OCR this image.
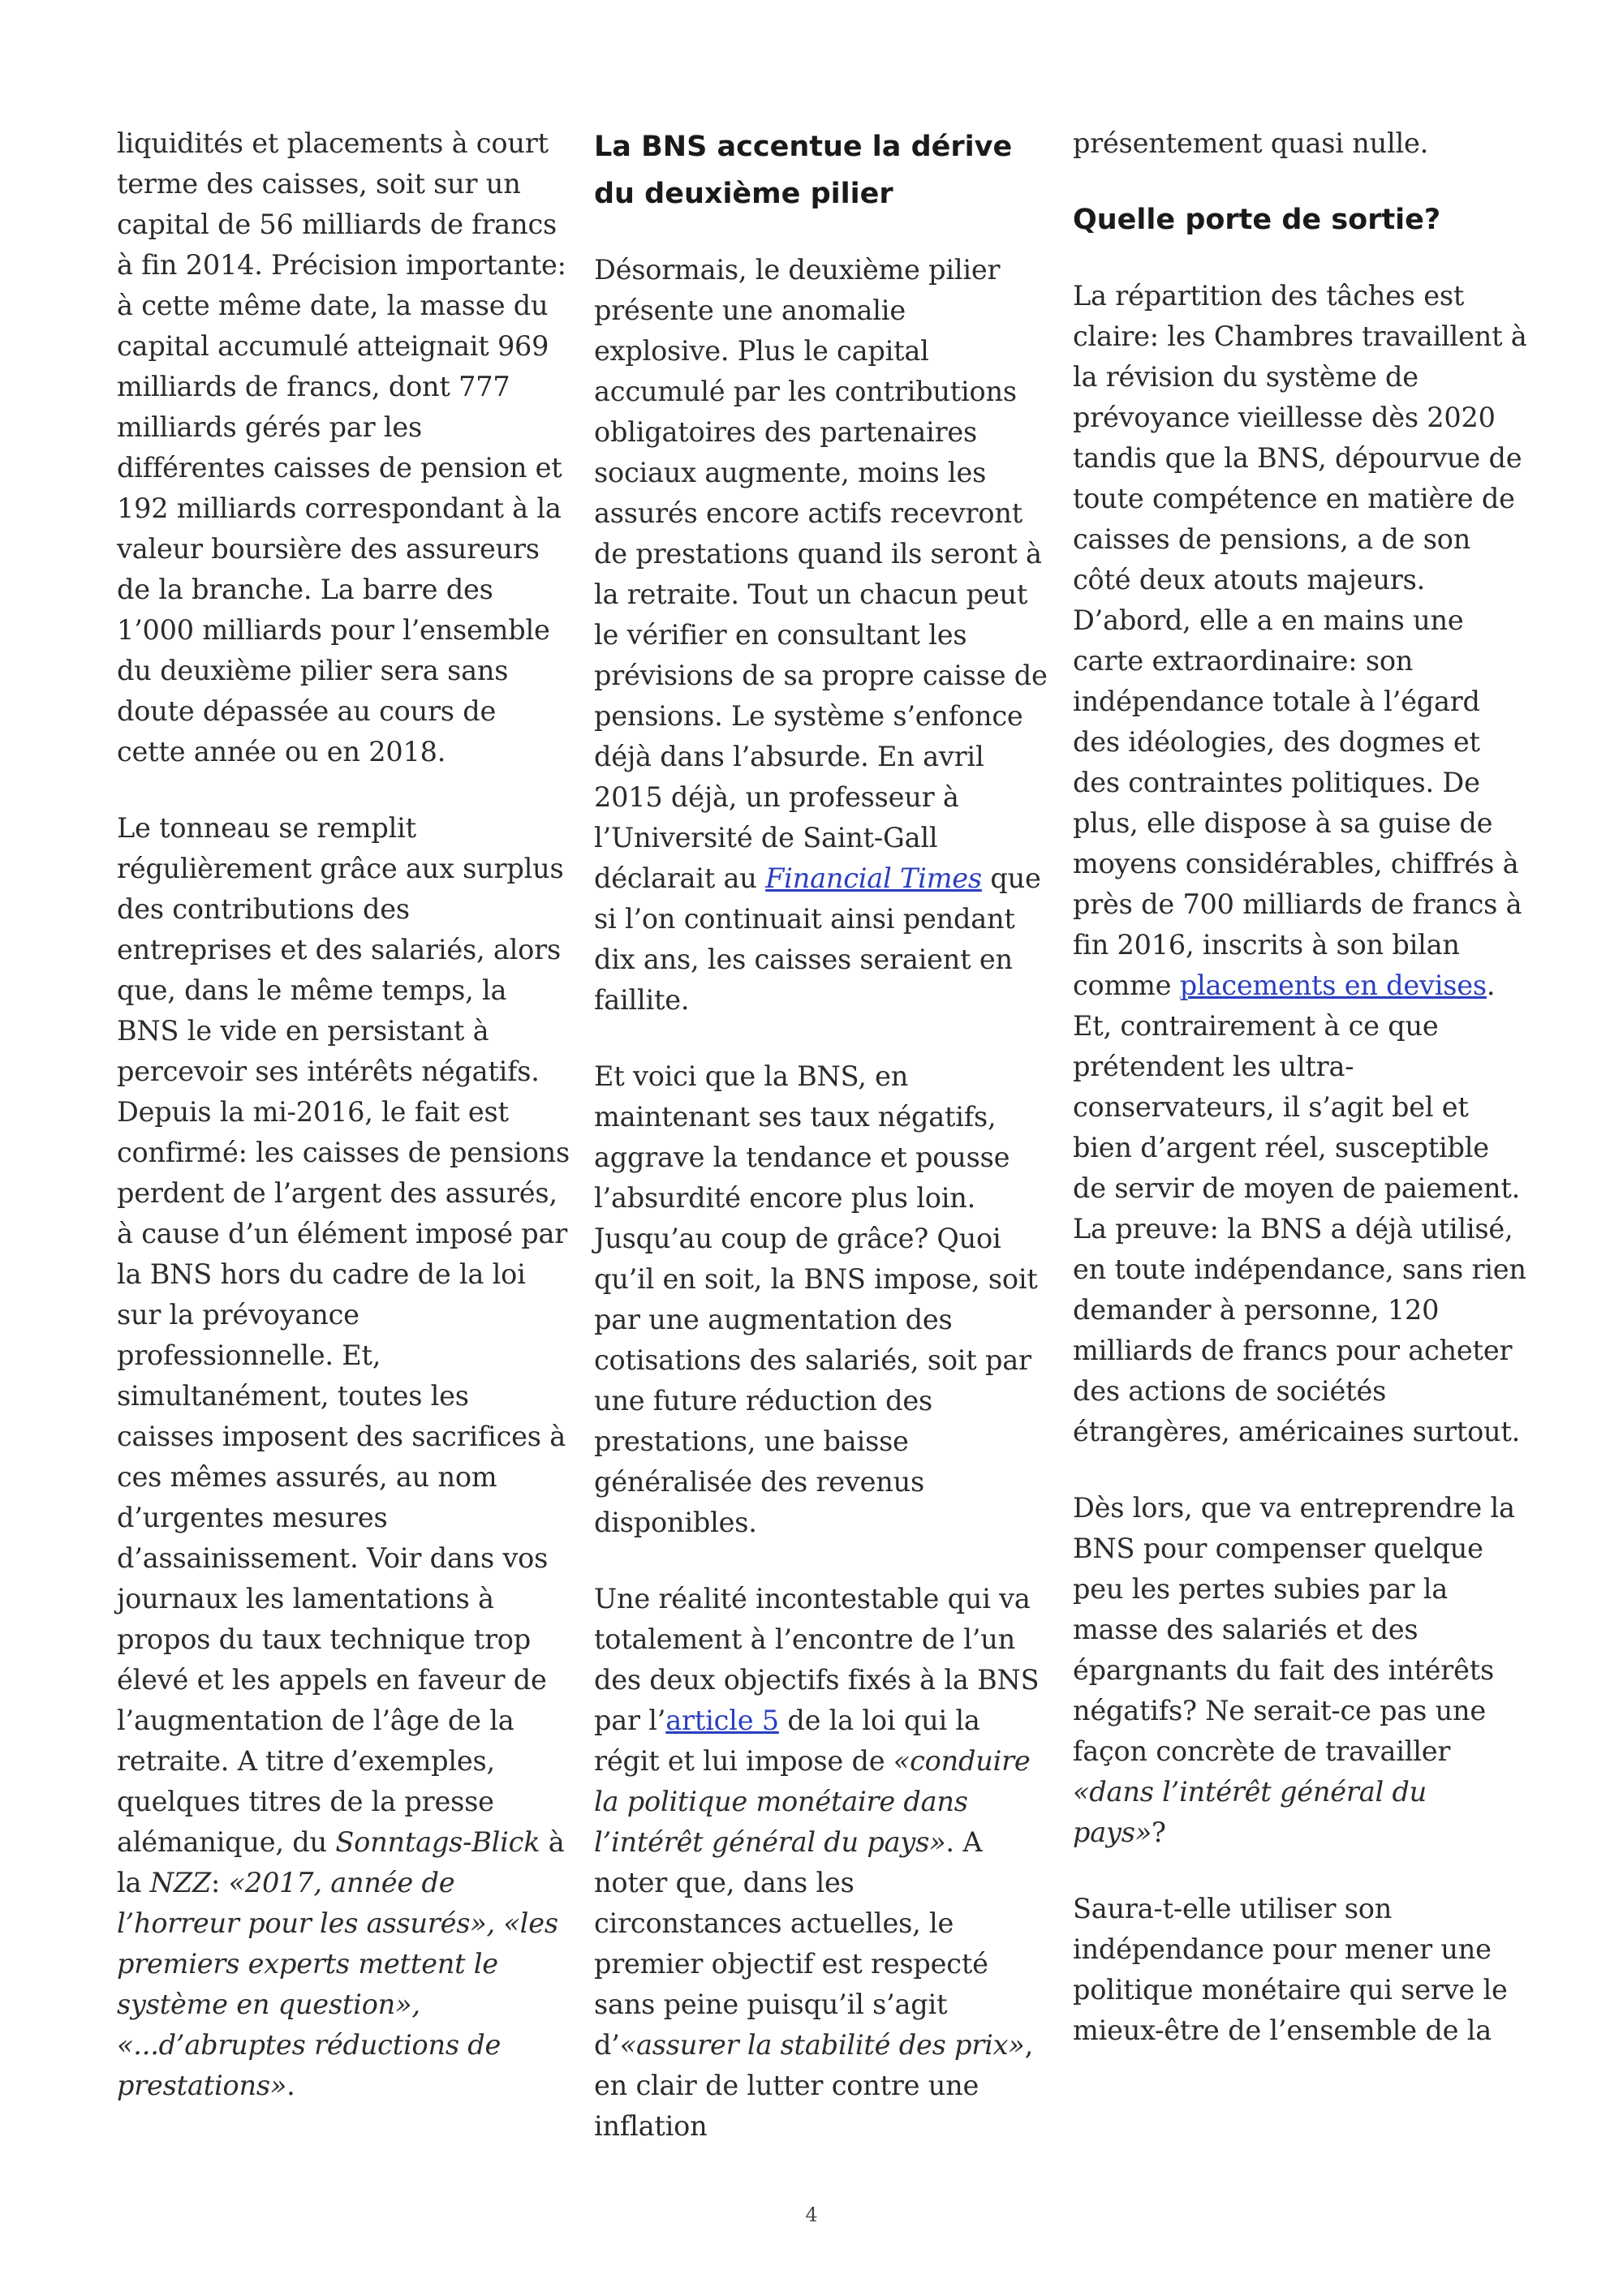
liquidités et placements à court terme des caisses, soit sur un capital de 56 milliards de francs à fin 2014. Précision importante: à cette même date, la masse du capital accumulé atteignait 969 milliards de francs, dont 777 milliards gérés par les différentes caisses de pension et 192 milliards correspondant à la valeur boursière des assureurs de la branche. La barre des 1’000 milliards pour l’ensemble du deuxième pilier sera sans doute dépassée au cours de cette année ou en 2018.

Le tonneau se remplit régulièrement grâce aux surplus des contributions des entreprises et des salariés, alors que, dans le même temps, la BNS le vide en persistant à percevoir ses intérêts négatifs. Depuis la mi-2016, le fait est confirmé: les caisses de pensions perdent de l’argent des assurés, à cause d’un élément imposé par la BNS hors du cadre de la loi sur la prévoyance professionnelle. Et, simultanément, toutes les caisses imposent des sacrifices à ces mêmes assurés, au nom d’urgentes mesures d’assainissement. Voir dans vos journaux les lamentations à propos du taux technique trop élevé et les appels en faveur de l’augmentation de l’âge de la retraite. A titre d’exemples, quelques titres de la presse alémanique, du Sonntags-Blick à la NZZ: «2017, année de l’horreur pour les assurés», «les premiers experts mettent le système en question», «...d’abruptes réductions de prestations».

La BNS accentue la dérive du deuxième pilier

Désormais, le deuxième pilier présente une anomalie explosive. Plus le capital accumulé par les contributions obligatoires des partenaires sociaux augmente, moins les assurés encore actifs recevront de prestations quand ils seront à la retraite. Tout un chacun peut le vérifier en consultant les prévisions de sa propre caisse de pensions. Le système s’enfonce déjà dans l’absurde. En avril 2015 déjà, un professeur à l’Université de Saint-Gall déclarait au Financial Times que si l’on continuait ainsi pendant dix ans, les caisses seraient en faillite.

Et voici que la BNS, en maintenant ses taux négatifs, aggrave la tendance et pousse l’absurdité encore plus loin. Jusqu’au coup de grâce? Quoi qu’il en soit, la BNS impose, soit par une augmentation des cotisations des salariés, soit par une future réduction des prestations, une baisse généralisée des revenus disponibles.

Une réalité incontestable qui va totalement à l’encontre de l’un des deux objectifs fixés à la BNS par l’article 5 de la loi qui la régit et lui impose de «conduire la politique monétaire dans l’intérêt général du pays». A noter que, dans les circonstances actuelles, le premier objectif est respecté sans peine puisqu’il s’agit d’«assurer la stabilité des prix», en clair de lutter contre une inflation

présentement quasi nulle.

Quelle porte de sortie?

La répartition des tâches est claire: les Chambres travaillent à la révision du système de prévoyance vieillesse dès 2020 tandis que la BNS, dépourvue de toute compétence en matière de caisses de pensions, a de son côté deux atouts majeurs. D’abord, elle a en mains une carte extraordinaire: son indépendance totale à l’égard des idéologies, des dogmes et des contraintes politiques. De plus, elle dispose à sa guise de moyens considérables, chiffrés à près de 700 milliards de francs à fin 2016, inscrits à son bilan comme placements en devises. Et, contrairement à ce que prétendent les ultra-conservateurs, il s’agit bel et bien d’argent réel, susceptible de servir de moyen de paiement. La preuve: la BNS a déjà utilisé, en toute indépendance, sans rien demander à personne, 120 milliards de francs pour acheter des actions de sociétés étrangères, américaines surtout.

Dès lors, que va entreprendre la BNS pour compenser quelque peu les pertes subies par la masse des salariés et des épargnants du fait des intérêts négatifs? Ne serait-ce pas une façon concrète de travailler «dans l’intérêt général du pays»?

Saura-t-elle utiliser son indépendance pour mener une politique monétaire qui serve le mieux-être de l’ensemble de la

4
